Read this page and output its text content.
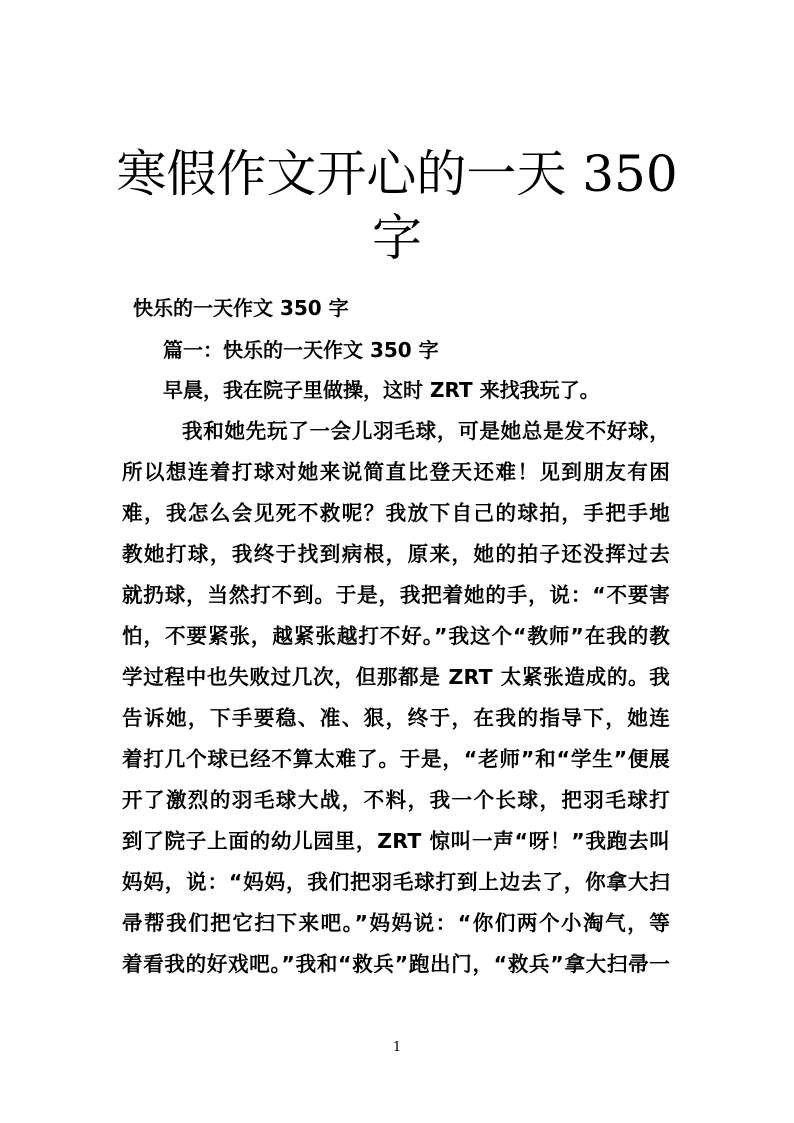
寒假作文开心的一天 350
字
快乐的一天作文 350 字
篇一：快乐的一天作文 350 字
早晨，我在院子里做操，这时 ZRT 来找我玩了。
我和她先玩了一会儿羽毛球，可是她总是发不好球，
所以想连着打球对她来说简直比登天还难！见到朋友有困
难，我怎么会见死不救呢？我放下自己的球拍，手把手地
教她打球，我终于找到病根，原来，她的拍子还没挥过去
就扔球，当然打不到。于是，我把着她的手，说：“不要害
怕，不要紧张，越紧张越打不好。”我这个“教师”在我的教
学过程中也失败过几次，但那都是 ZRT 太紧张造成的。我
告诉她，下手要稳、准、狠，终于，在我的指导下，她连
着打几个球已经不算太难了。于是，“老师”和“学生”便展
开了激烈的羽毛球大战，不料，我一个长球，把羽毛球打
到了院子上面的幼儿园里，ZRT 惊叫一声“呀！”我跑去叫
妈妈，说：“妈妈，我们把羽毛球打到上边去了，你拿大扫
帚帮我们把它扫下来吧。”妈妈说：“你们两个小淘气，等
着看我的好戏吧。”我和“救兵”跑出门，“救兵”拿大扫帚一
1
